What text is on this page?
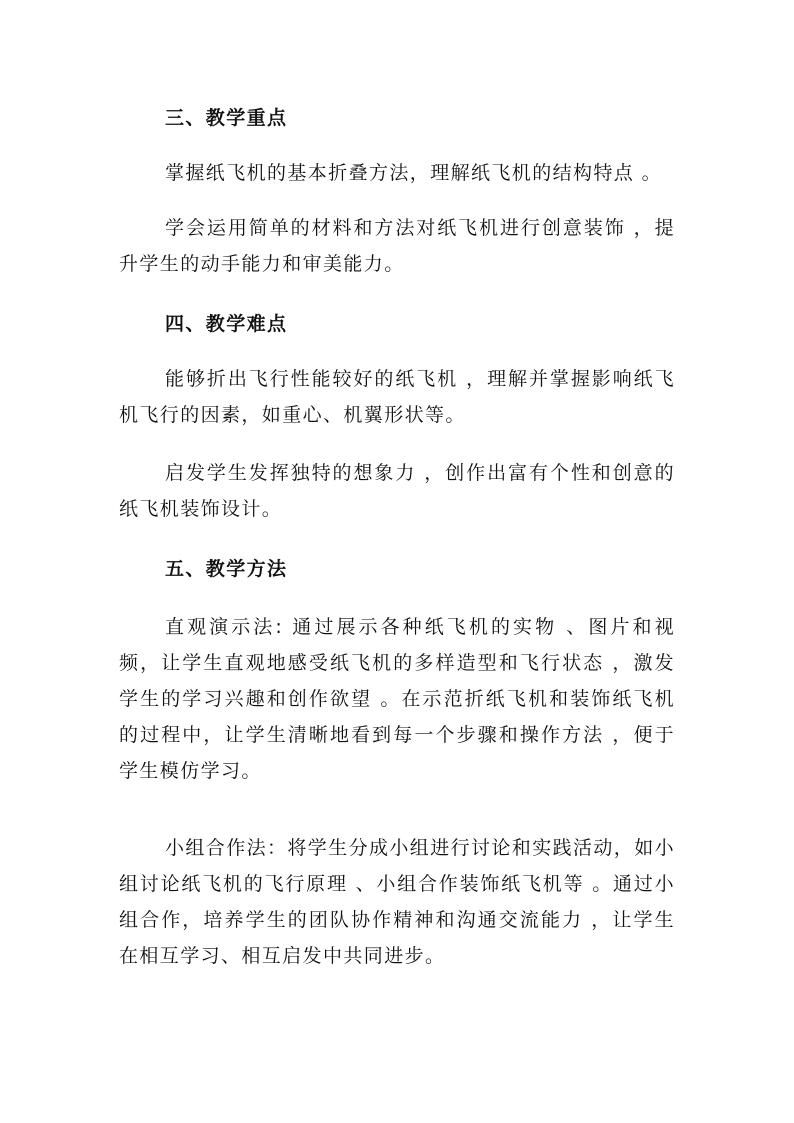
三、教学重点

掌握纸飞机的基本折叠方法，理解纸飞机的结构特点 。

学会运用简单的材料和方法对纸飞机进行创意装饰 ，提升学生的动手能力和审美能力。

四、教学难点

能够折出飞行性能较好的纸飞机 ，理解并掌握影响纸飞机飞行的因素，如重心、机翼形状等。

启发学生发挥独特的想象力 ，创作出富有个性和创意的纸飞机装饰设计。

五、教学方法

直观演示法: 通过展示各种纸飞机的实物 、图片和视频，让学生直观地感受纸飞机的多样造型和飞行状态 ，激发学生的学习兴趣和创作欲望 。在示范折纸飞机和装饰纸飞机的过程中，让学生清晰地看到每一个步骤和操作方法 ，便于学生模仿学习。

小组合作法：将学生分成小组进行讨论和实践活动，如小组讨论纸飞机的飞行原理 、小组合作装饰纸飞机等 。通过小组合作，培养学生的团队协作精神和沟通交流能力 ，让学生在相互学习、相互启发中共同进步。
